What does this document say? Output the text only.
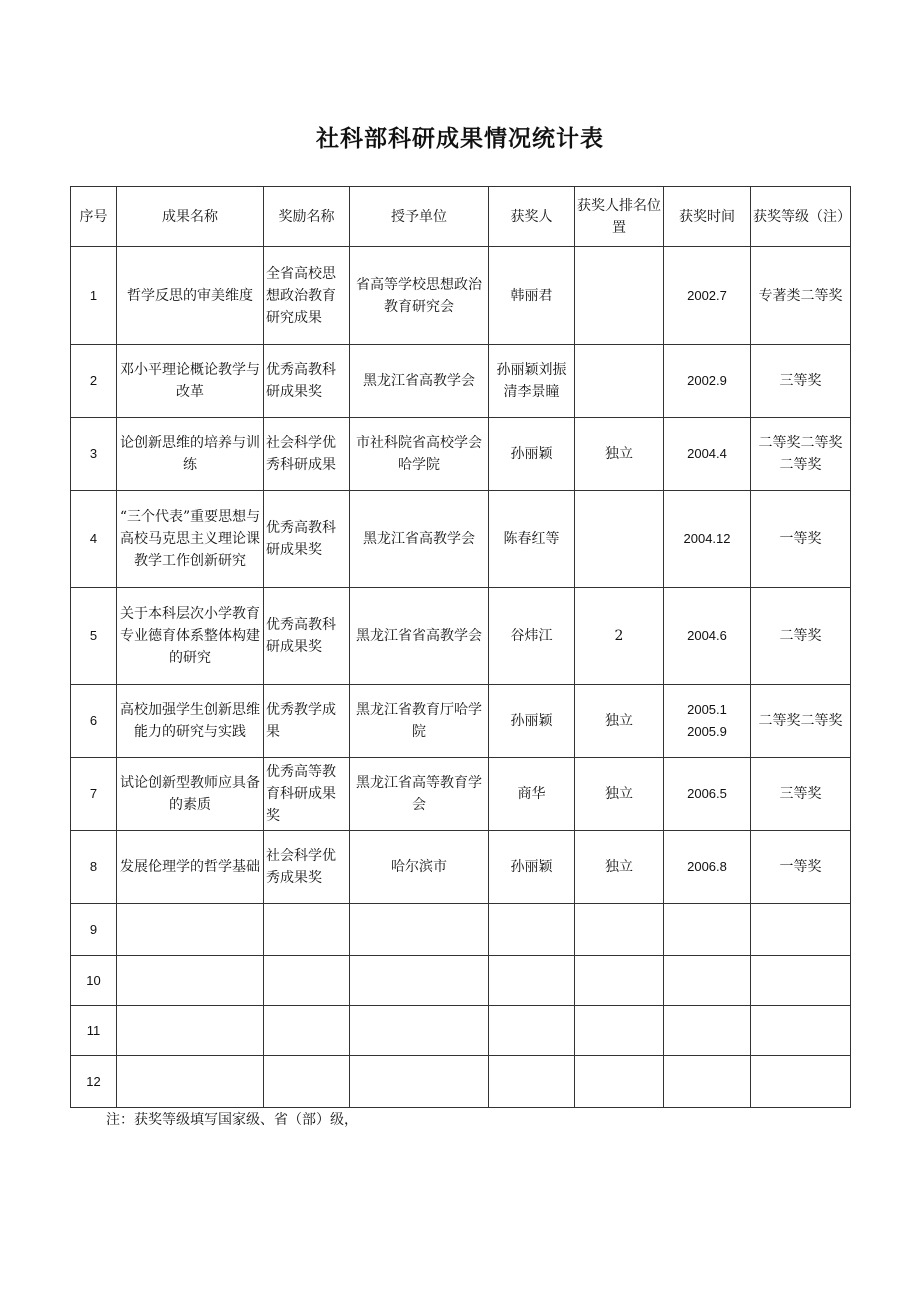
社科部科研成果情况统计表
序号	成果名称	奖励名称	授予单位	获奖人	获奖人排名位置	获奖时间	获奖等级（注）
1	哲学反思的审美维度	全省高校思想政治教育研究成果	省高等学校思想政治教育研究会	韩丽君		2002.7	专著类二等奖
2	邓小平理论概论教学与改革	优秀高教科研成果奖	黑龙江省高教学会	孙丽颖刘振清李景瞳		2002.9	三等奖
3	论创新思维的培养与训练	社会科学优秀科研成果	市社科院省高校学会哈学院	孙丽颖	独立	2004.4	二等奖二等奖二等奖
4	“三个代表”重要思想与高校马克思主义理论课教学工作创新研究	优秀高教科研成果奖	黑龙江省高教学会	陈春红等		2004.12	一等奖
5	关于本科层次小学教育专业德育体系整体构建的研究	优秀高教科研成果奖	黑龙江省省高教学会	谷炜江	2	2004.6	二等奖
6	高校加强学生创新思维能力的研究与实践	优秀教学成果	黑龙江省教育厅哈学院	孙丽颖	独立	2005.1 2005.9	二等奖二等奖
7	试论创新型教师应具备的素质	优秀高等教育科研成果奖	黑龙江省高等教育学会	商华	独立	2006.5	三等奖
8	发展伦理学的哲学基础	社会科学优秀成果奖	哈尔滨市	孙丽颖	独立	2006.8	一等奖
9							
10							
11							
12							
注：获奖等级填写国家级、省（部）级，
